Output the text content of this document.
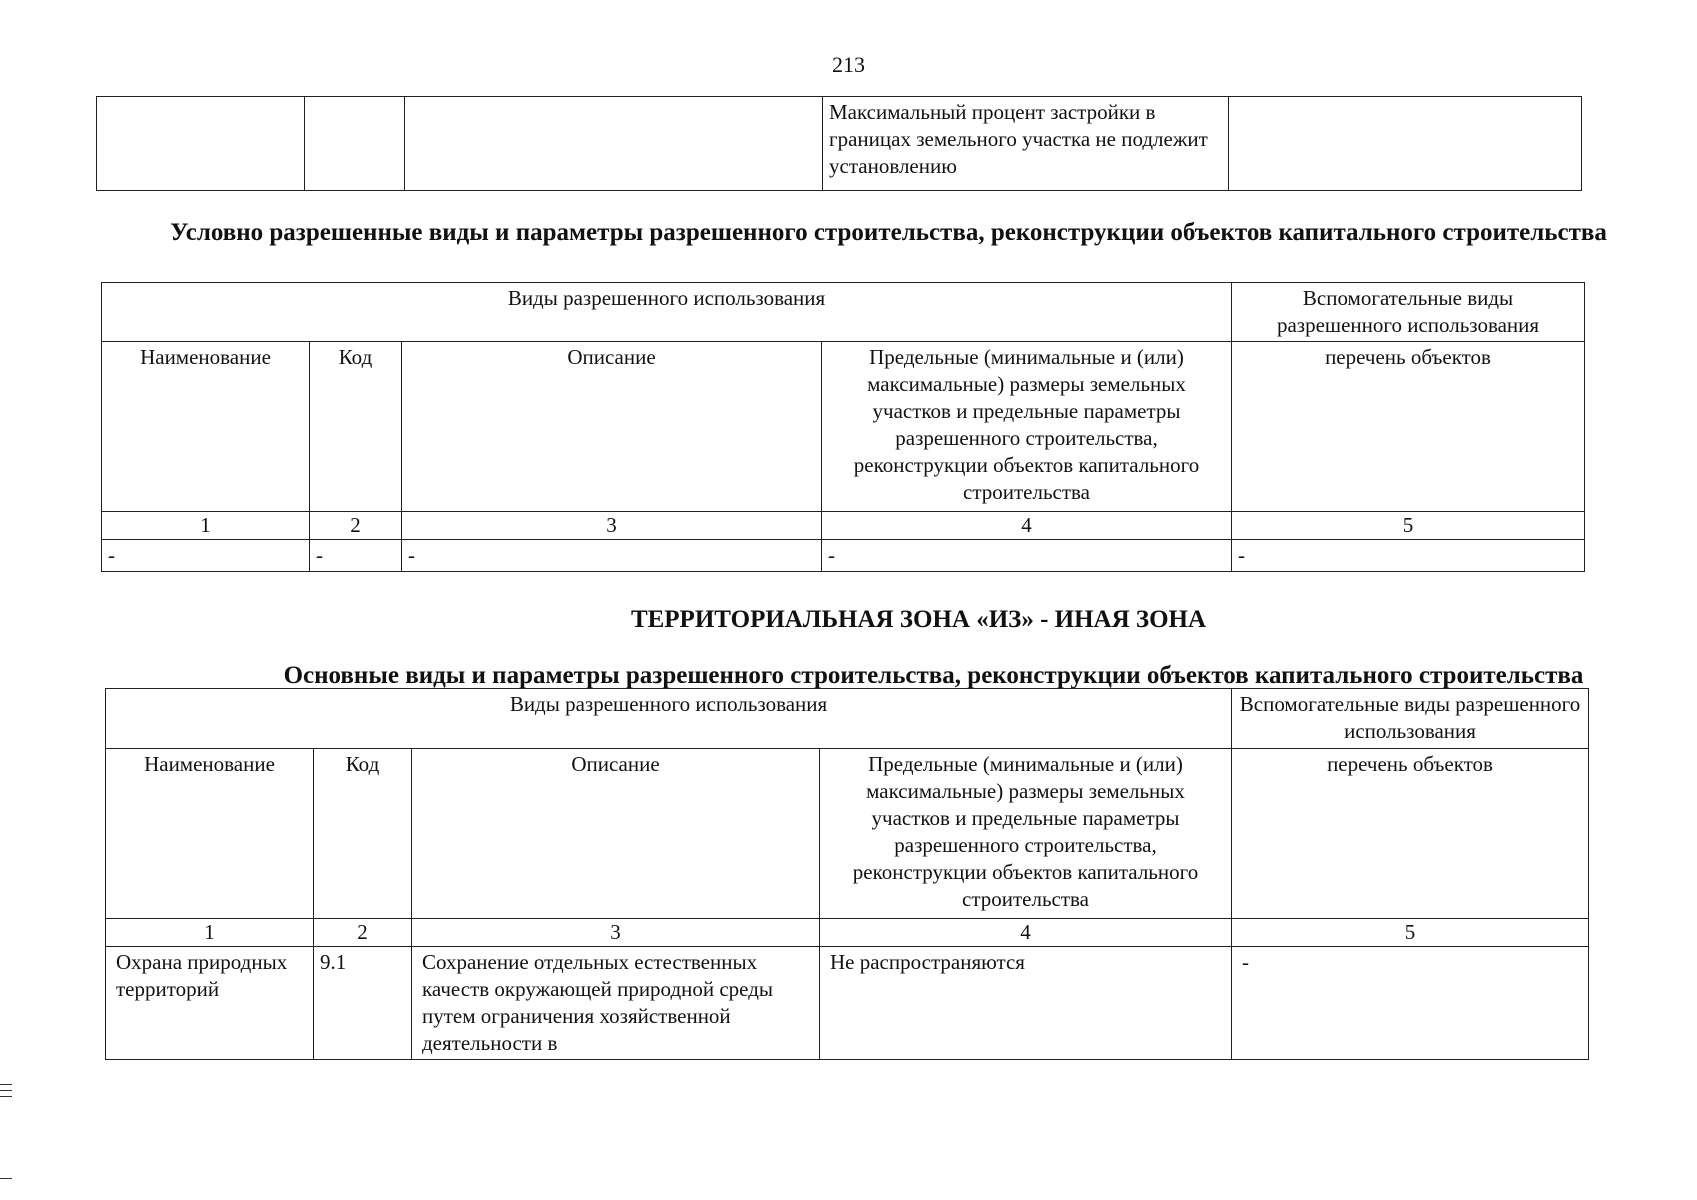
213
			Максимальный процент застройки в границах земельного участка не подлежит установлению	
Условно разрешенные виды и параметры разрешенного строительства, реконструкции объектов капитального строительства
Виды разрешенного использования				Вспомогательные виды разрешенного использования
Наименование	Код	Описание	Предельные (минимальные и (или) максимальные) размеры земельных участков и предельные параметры разрешенного строительства, реконструкции объектов капитального строительства	перечень объектов
1	2	3	4	5
-	-	-	-	-
ТЕРРИТОРИАЛЬНАЯ ЗОНА «ИЗ» - ИНАЯ ЗОНА
Основные виды и параметры разрешенного строительства, реконструкции объектов капитального строительства
Виды разрешенного использования				Вспомогательные виды разрешенного использования
Наименование	Код	Описание	Предельные (минимальные и (или) максимальные) размеры земельных участков и предельные параметры разрешенного строительства, реконструкции объектов капитального строительства	перечень объектов
1	2	3	4	5
Охрана природных территорий	9.1	Сохранение отдельных естественных качеств окружающей природной среды путем ограничения хозяйственной деятельности в	Не распространяются	-
